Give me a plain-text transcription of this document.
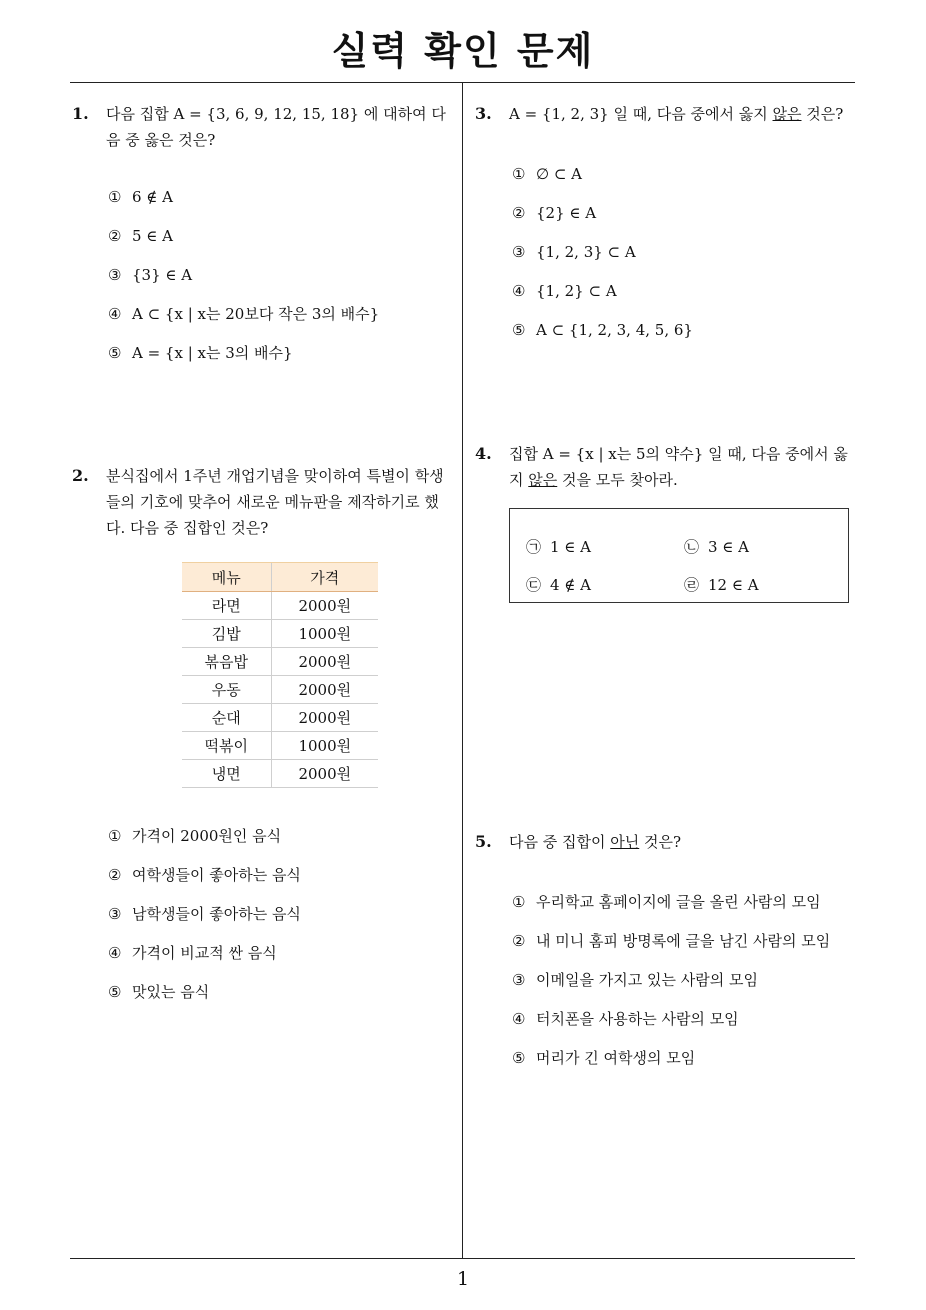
실력 확인 문제
1
1. 다음 집합 A = {3, 6, 9, 12, 15, 18} 에 대하여 다음 중 옳은 것은?
① 6 ∉ A
② 5 ∈ A
③ {3} ∈ A
④ A ⊂ {x | x는 20보다 작은 3의 배수}
⑤ A = {x | x는 3의 배수}
2. 분식집에서 1주년 개업기념을 맞이하여 특별이 학생들의 기호에 맞추어 새로운 메뉴판을 제작하기로 했다. 다음 중 집합인 것은?
메뉴	가격
라면	2000원
김밥	1000원
볶음밥	2000원
우동	2000원
순대	2000원
떡볶이	1000원
냉면	2000원
① 가격이 2000원인 음식
② 여학생들이 좋아하는 음식
③ 남학생들이 좋아하는 음식
④ 가격이 비교적 싼 음식
⑤ 맛있는 음식
3. A = {1, 2, 3} 일 때, 다음 중에서 옳지 않은 것은?
① ∅ ⊂ A
② {2} ∈ A
③ {1, 2, 3} ⊂ A
④ {1, 2} ⊂ A
⑤ A ⊂ {1, 2, 3, 4, 5, 6}
4. 집합 A = {x | x는 5의 약수} 일 때, 다음 중에서 옳지 않은 것을 모두 찾아라.
㉠ 1 ∈ A	㉡ 3 ∈ A
㉢ 4 ∉ A	㉣ 12 ∈ A
5. 다음 중 집합이 아닌 것은?
① 우리학교 홈페이지에 글을 올린 사람의 모임
② 내 미니 홈피 방명록에 글을 남긴 사람의 모임
③ 이메일을 가지고 있는 사람의 모임
④ 터치폰을 사용하는 사람의 모임
⑤ 머리가 긴 여학생의 모임
